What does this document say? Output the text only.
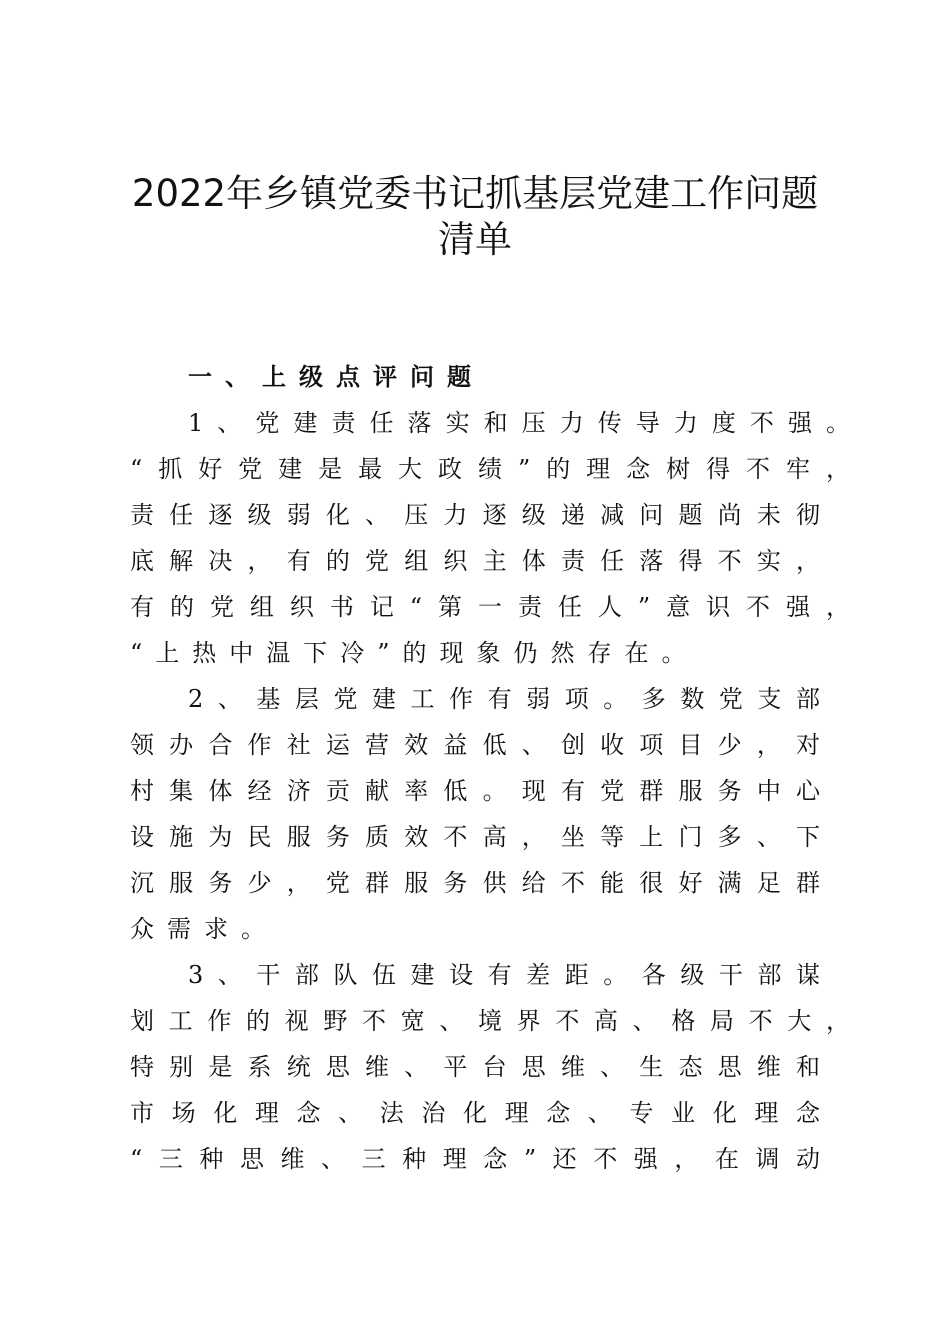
2022年乡镇党委书记抓基层党建工作问题
清单
一、上级点评问题
1、党建责任落实和压力传导力度不强。
“抓好党建是最大政绩”的理念树得不牢，
责任逐级弱化、压力逐级递减问题尚未彻
底解决，有的党组织主体责任落得不实，
有的党组织书记“第一责任人”意识不强，
“上热中温下冷”的现象仍然存在。
2、基层党建工作有弱项。多数党支部
领办合作社运营效益低、创收项目少，对
村集体经济贡献率低。现有党群服务中心
设施为民服务质效不高，坐等上门多、下
沉服务少，党群服务供给不能很好满足群
众需求。
3、干部队伍建设有差距。各级干部谋
划工作的视野不宽、境界不高、格局不大，
特别是系统思维、平台思维、生态思维和
市场化理念、法治化理念、专业化理念
“三种思维、三种理念”还不强，在调动
